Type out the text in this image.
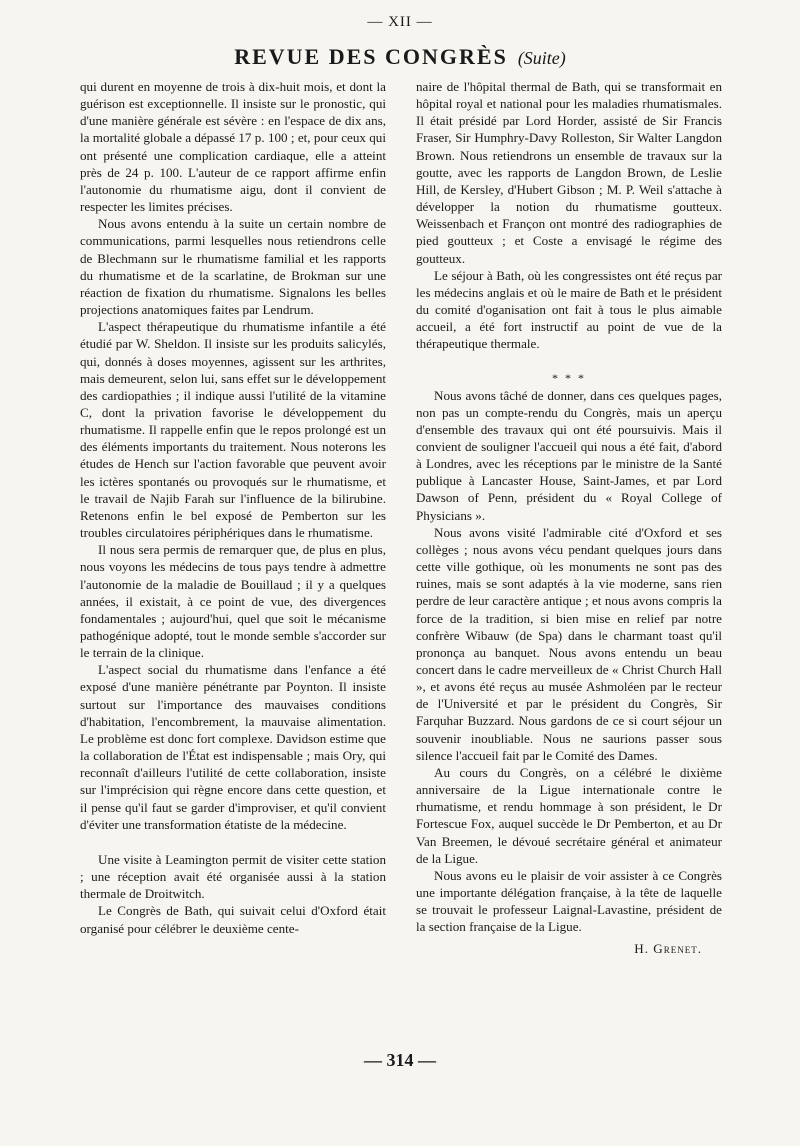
— XII —
REVUE DES CONGRÈS (Suite)

qui durent en moyenne de trois à dix-huit mois, et dont la guérison est exceptionnelle. Il insiste sur le pronostic, qui d'une manière générale est sévère : en l'espace de dix ans, la mortalité globale a dépassé 17 p. 100 ; et, pour ceux qui ont présenté une complication cardiaque, elle a atteint près de 24 p. 100. L'auteur de ce rapport affirme enfin l'autonomie du rhumatisme aigu, dont il convient de respecter les limites précises.

Nous avons entendu à la suite un certain nombre de communications, parmi lesquelles nous retiendrons celle de Blechmann sur le rhumatisme familial et les rapports du rhumatisme et de la scarlatine, de Brokman sur une réaction de fixation du rhumatisme. Signalons les belles projections anatomiques faites par Lendrum.

L'aspect thérapeutique du rhumatisme infantile a été étudié par W. Sheldon. Il insiste sur les produits salicylés, qui, donnés à doses moyennes, agissent sur les arthrites, mais demeurent, selon lui, sans effet sur le développement des cardiopathies ; il indique aussi l'utilité de la vitamine C, dont la privation favorise le développement du rhumatisme. Il rappelle enfin que le repos prolongé est un des éléments importants du traitement. Nous noterons les études de Hench sur l'action favorable que peuvent avoir les ictères spontanés ou provoqués sur le rhumatisme, et le travail de Najib Farah sur l'influence de la bilirubine. Retenons enfin le bel exposé de Pemberton sur les troubles circulatoires périphériques dans le rhumatisme.

Il nous sera permis de remarquer que, de plus en plus, nous voyons les médecins de tous pays tendre à admettre l'autonomie de la maladie de Bouillaud ; il y a quelques années, il existait, à ce point de vue, des divergences fondamentales ; aujourd'hui, quel que soit le mécanisme pathogénique adopté, tout le monde semble s'accorder sur le terrain de la clinique.

L'aspect social du rhumatisme dans l'enfance a été exposé d'une manière pénétrante par Poynton. Il insiste surtout sur l'importance des mauvaises conditions d'habitation, l'encombrement, la mauvaise alimentation. Le problème est donc fort complexe. Davidson estime que la collaboration de l'État est indispensable ; mais Ory, qui reconnaît d'ailleurs l'utilité de cette collaboration, insiste sur l'imprécision qui règne encore dans cette question, et il pense qu'il faut se garder d'improviser, et qu'il convient d'éviter une transformation étatiste de la médecine.

Une visite à Leamington permit de visiter cette station ; une réception avait été organisée aussi à la station thermale de Droitwitch.

Le Congrès de Bath, qui suivait celui d'Oxford était organisé pour célébrer le deuxième cente-

naire de l'hôpital thermal de Bath, qui se transformait en hôpital royal et national pour les maladies rhumatismales. Il était présidé par Lord Horder, assisté de Sir Francis Fraser, Sir Humphry-Davy Rolleston, Sir Walter Langdon Brown. Nous retiendrons un ensemble de travaux sur la goutte, avec les rapports de Langdon Brown, de Leslie Hill, de Kersley, d'Hubert Gibson ; M. P. Weil s'attache à développer la notion du rhumatisme goutteux. Weissenbach et Françon ont montré des radiographies de pied goutteux ; et Coste a envisagé le régime des goutteux.

Le séjour à Bath, où les congressistes ont été reçus par les médecins anglais et où le maire de Bath et le président du comité d'oganisation ont fait à tous le plus aimable accueil, a été fort instructif au point de vue de la thérapeutique thermale.

* * *

Nous avons tâché de donner, dans ces quelques pages, non pas un compte-rendu du Congrès, mais un aperçu d'ensemble des travaux qui ont été poursuivis. Mais il convient de souligner l'accueil qui nous a été fait, d'abord à Londres, avec les réceptions par le ministre de la Santé publique à Lancaster House, Saint-James, et par Lord Dawson of Penn, président du « Royal College of Physicians ».

Nous avons visité l'admirable cité d'Oxford et ses collèges ; nous avons vécu pendant quelques jours dans cette ville gothique, où les monuments ne sont pas des ruines, mais se sont adaptés à la vie moderne, sans rien perdre de leur caractère antique ; et nous avons compris la force de la tradition, si bien mise en relief par notre confrère Wibauw (de Spa) dans le charmant toast qu'il prononça au banquet. Nous avons entendu un beau concert dans le cadre merveilleux de « Christ Church Hall », et avons été reçus au musée Ashmoléen par le recteur de l'Université et par le président du Congrès, Sir Farquhar Buzzard. Nous gardons de ce si court séjour un souvenir inoubliable. Nous ne saurions passer sous silence l'accueil fait par le Comité des Dames.

Au cours du Congrès, on a célébré le dixième anniversaire de la Ligue internationale contre le rhumatisme, et rendu hommage à son président, le Dr Fortescue Fox, auquel succède le Dr Pemberton, et au Dr Van Breemen, le dévoué secrétaire général et animateur de la Ligue.

Nous avons eu le plaisir de voir assister à ce Congrès une importante délégation française, à la tête de laquelle se trouvait le professeur Laignal-Lavastine, président de la section française de la Ligue.

H. Grenet.
— 314 —
